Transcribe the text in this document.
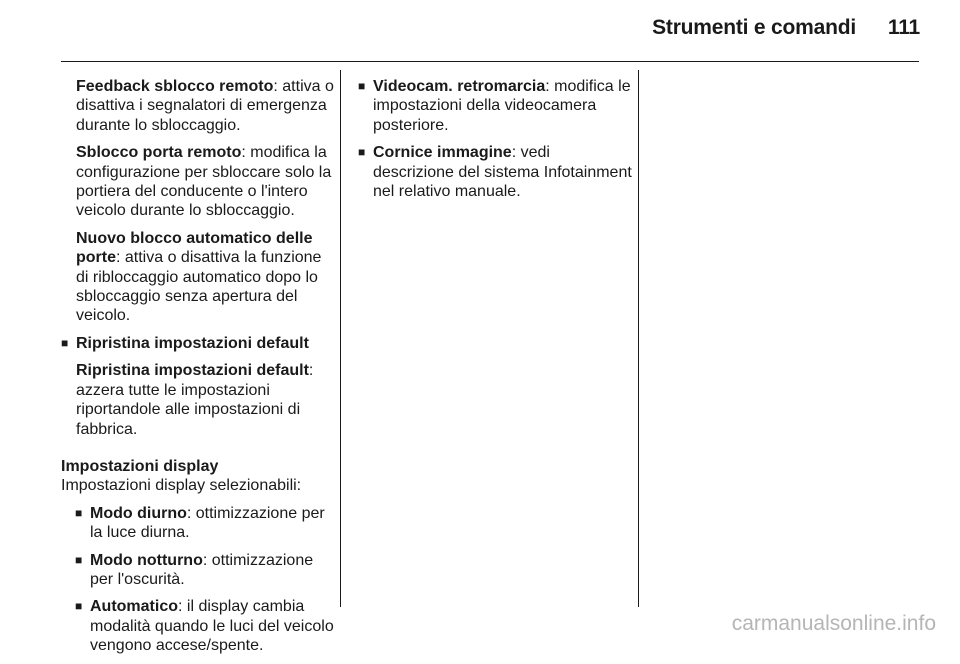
Strumenti e comandi 111

Feedback sblocco remoto: attiva o disattiva i segnalatori di emergenza durante lo sbloccaggio.

Sblocco porta remoto: modifica la configurazione per sbloccare solo la portiera del conducente o l'intero veicolo durante lo sbloccaggio.

Nuovo blocco automatico delle porte: attiva o disattiva la funzione di ribloccaggio automatico dopo lo sbloccaggio senza apertura del veicolo.

■ Ripristina impostazioni default

Ripristina impostazioni default: azzera tutte le impostazioni riportandole alle impostazioni di fabbrica.

Impostazioni display

Impostazioni display selezionabili:

■ Modo diurno: ottimizzazione per la luce diurna.

■ Modo notturno: ottimizzazione per l'oscurità.

■ Automatico: il display cambia modalità quando le luci del veicolo vengono accese/spente.

■ Videocam. retromarcia: modifica le impostazioni della videocamera posteriore.

■ Cornice immagine: vedi descrizione del sistema Infotainment nel relativo manuale.

carmanualsonline.info
